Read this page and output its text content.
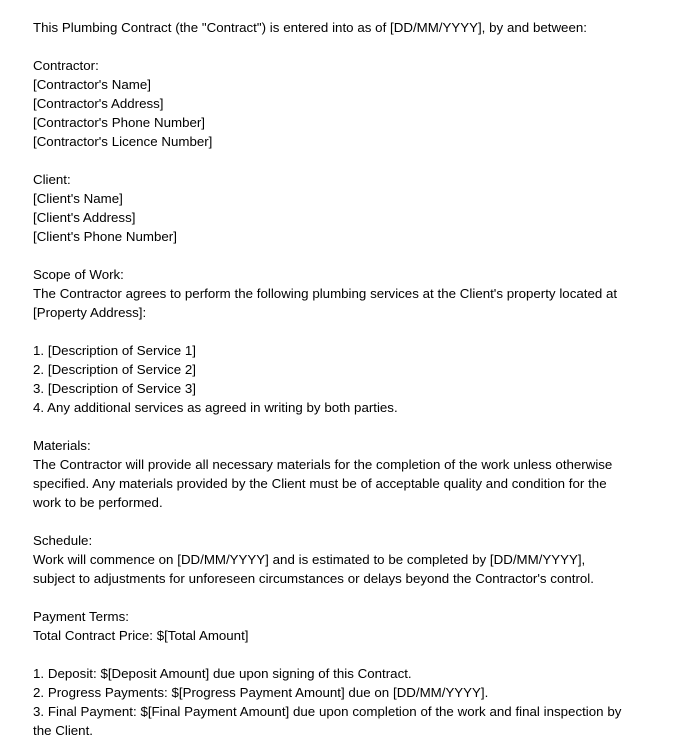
This Plumbing Contract (the "Contract") is entered into as of [DD/MM/YYYY], by and between:

Contractor:
[Contractor's Name]
[Contractor's Address]
[Contractor's Phone Number]
[Contractor's Licence Number]

Client:
[Client's Name]
[Client's Address]
[Client's Phone Number]

Scope of Work:
The Contractor agrees to perform the following plumbing services at the Client's property located at [Property Address]:

1. [Description of Service 1]
2. [Description of Service 2]
3. [Description of Service 3]
4. Any additional services as agreed in writing by both parties.

Materials:
The Contractor will provide all necessary materials for the completion of the work unless otherwise specified. Any materials provided by the Client must be of acceptable quality and condition for the work to be performed.

Schedule:
Work will commence on [DD/MM/YYYY] and is estimated to be completed by [DD/MM/YYYY], subject to adjustments for unforeseen circumstances or delays beyond the Contractor's control.

Payment Terms:
Total Contract Price: $[Total Amount]

1. Deposit: $[Deposit Amount] due upon signing of this Contract.
2. Progress Payments: $[Progress Payment Amount] due on [DD/MM/YYYY].
3. Final Payment: $[Final Payment Amount] due upon completion of the work and final inspection by the Client.
